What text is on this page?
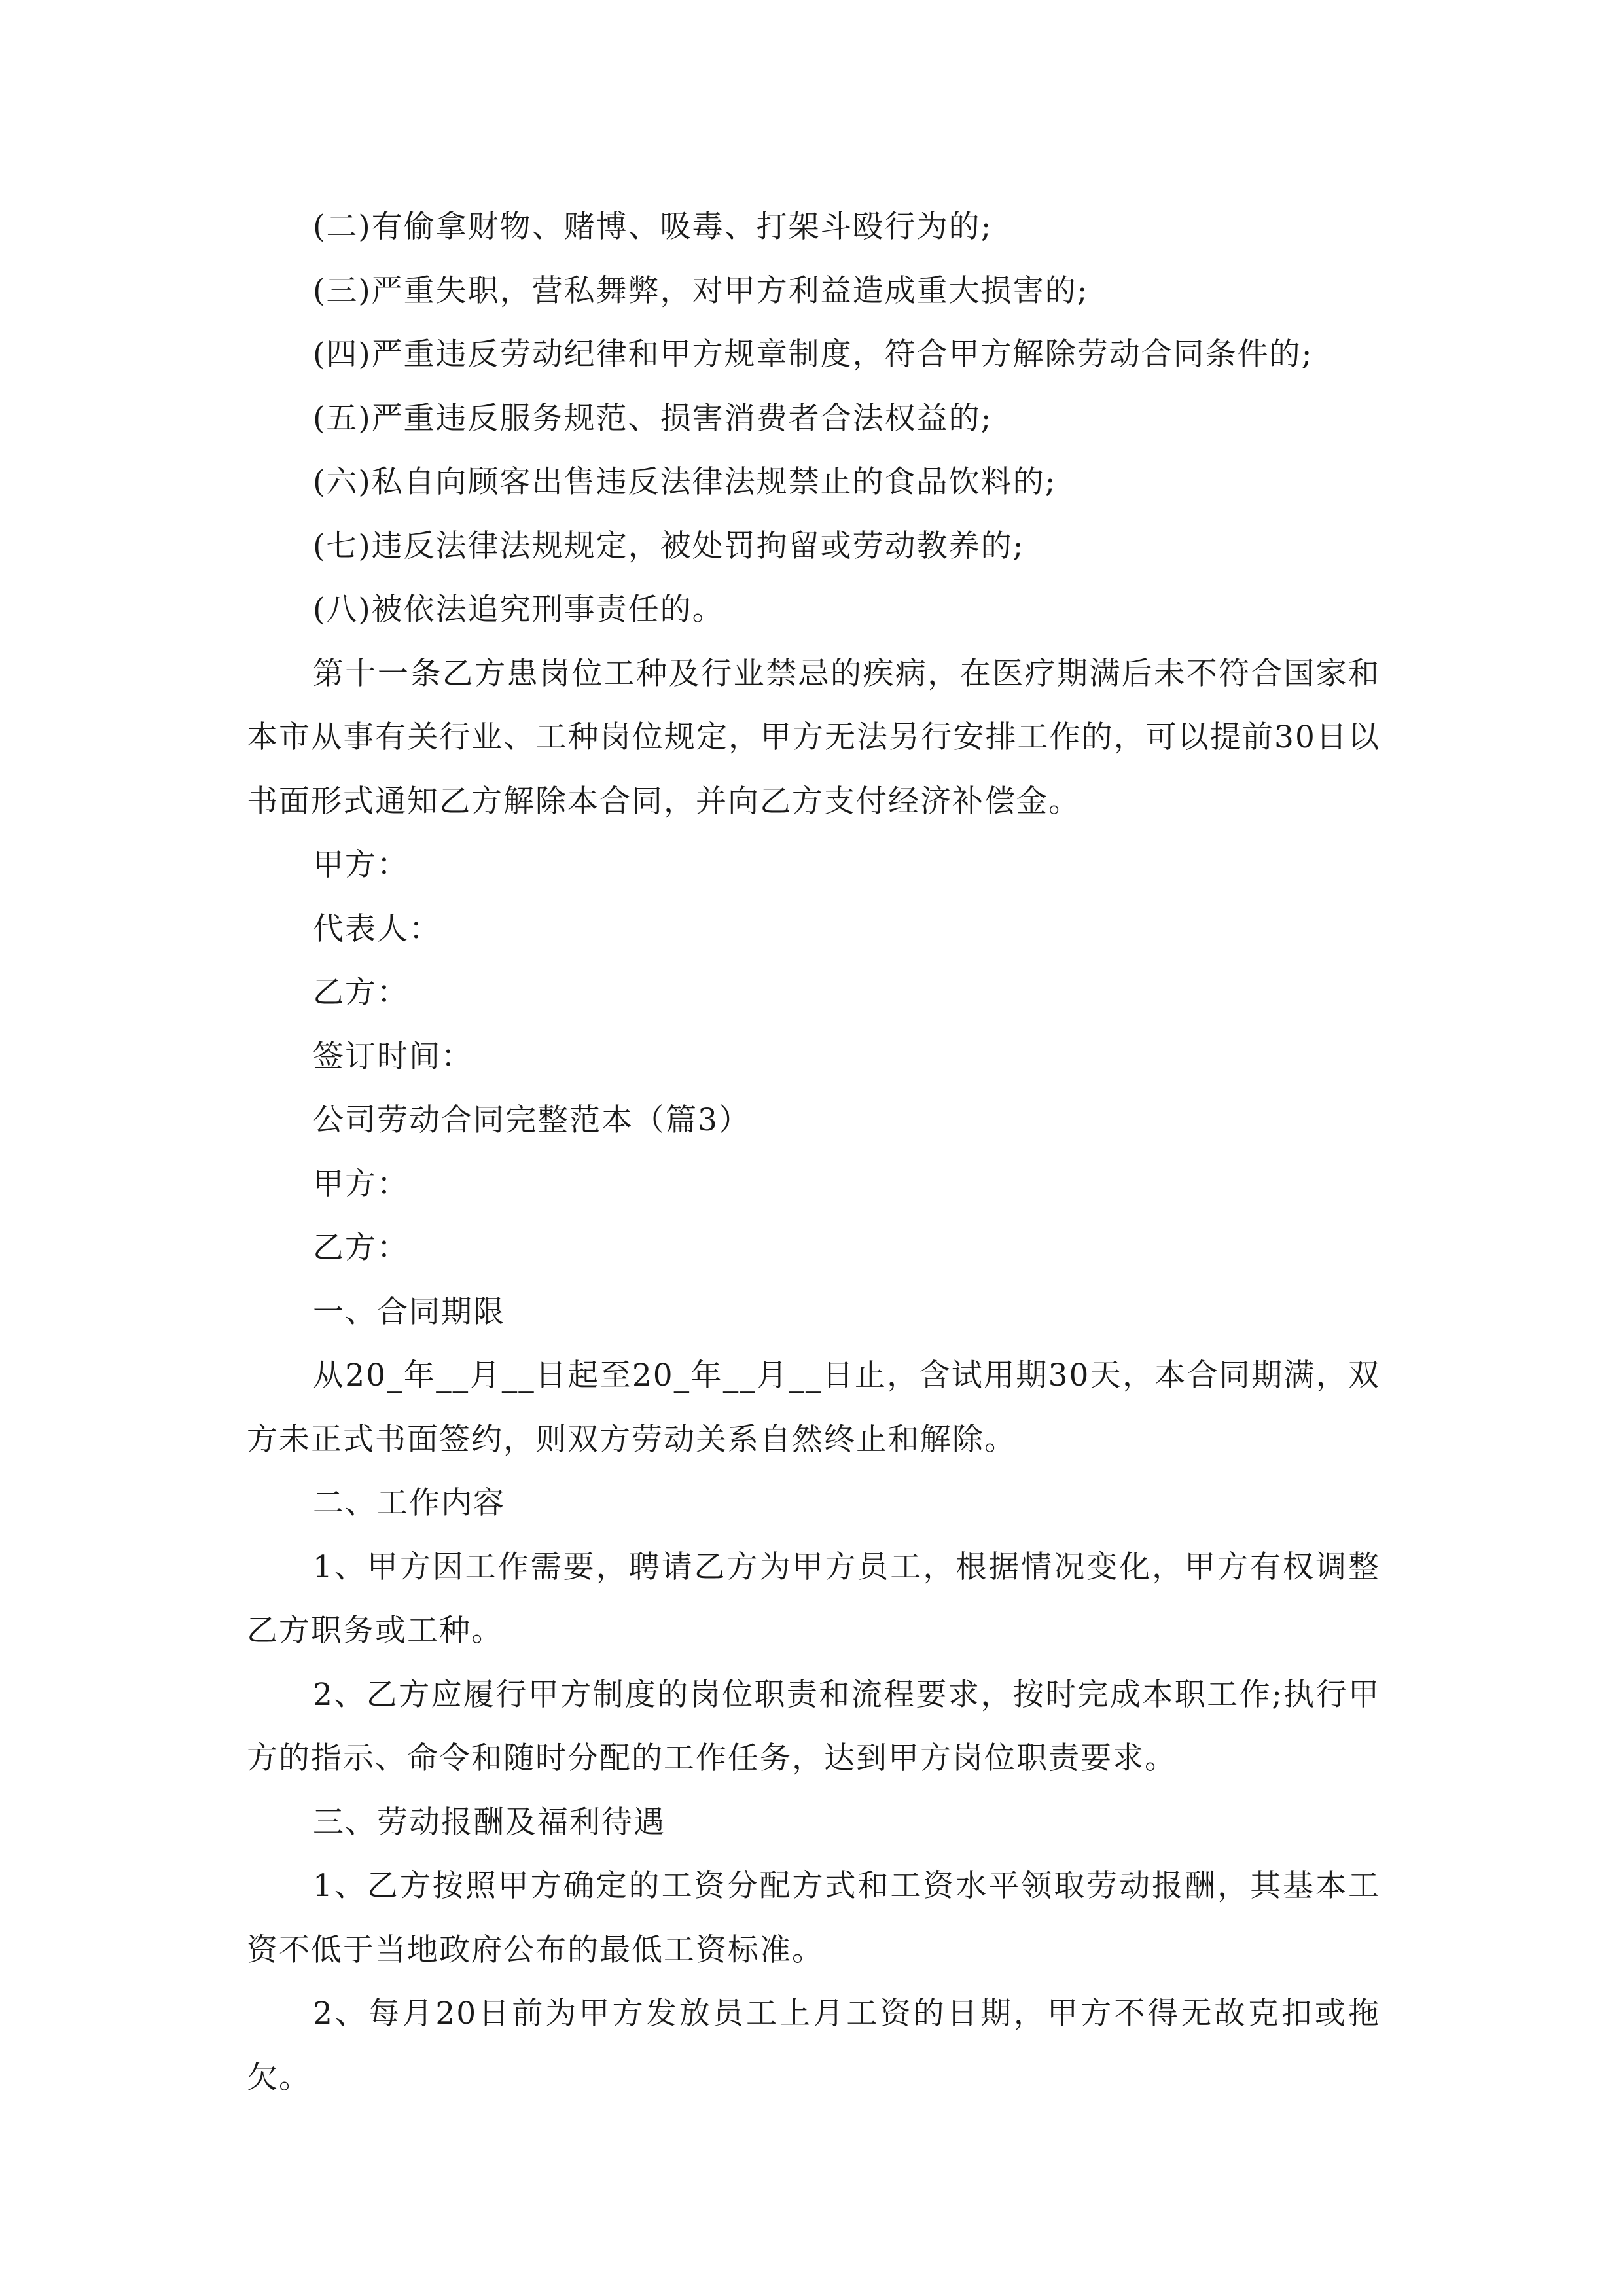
(二)有偷拿财物、赌博、吸毒、打架斗殴行为的;

(三)严重失职，营私舞弊，对甲方利益造成重大损害的;

(四)严重违反劳动纪律和甲方规章制度，符合甲方解除劳动合同条件的;

(五)严重违反服务规范、损害消费者合法权益的;

(六)私自向顾客出售违反法律法规禁止的食品饮料的;

(七)违反法律法规规定，被处罚拘留或劳动教养的;

(八)被依法追究刑事责任的。

第十一条乙方患岗位工种及行业禁忌的疾病，在医疗期满后未不符合国家和本市从事有关行业、工种岗位规定，甲方无法另行安排工作的，可以提前30日以书面形式通知乙方解除本合同，并向乙方支付经济补偿金。

甲方：

代表人：

乙方：

签订时间：

公司劳动合同完整范本（篇3）

甲方：

乙方：

一、合同期限

从20_年__月__日起至20_年__月__日止，含试用期30天，本合同期满，双方未正式书面签约，则双方劳动关系自然终止和解除。

二、工作内容

1、甲方因工作需要，聘请乙方为甲方员工，根据情况变化，甲方有权调整乙方职务或工种。

2、乙方应履行甲方制度的岗位职责和流程要求，按时完成本职工作;执行甲方的指示、命令和随时分配的工作任务，达到甲方岗位职责要求。

三、劳动报酬及福利待遇

1、乙方按照甲方确定的工资分配方式和工资水平领取劳动报酬，其基本工资不低于当地政府公布的最低工资标准。

2、每月20日前为甲方发放员工上月工资的日期，甲方不得无故克扣或拖欠。
